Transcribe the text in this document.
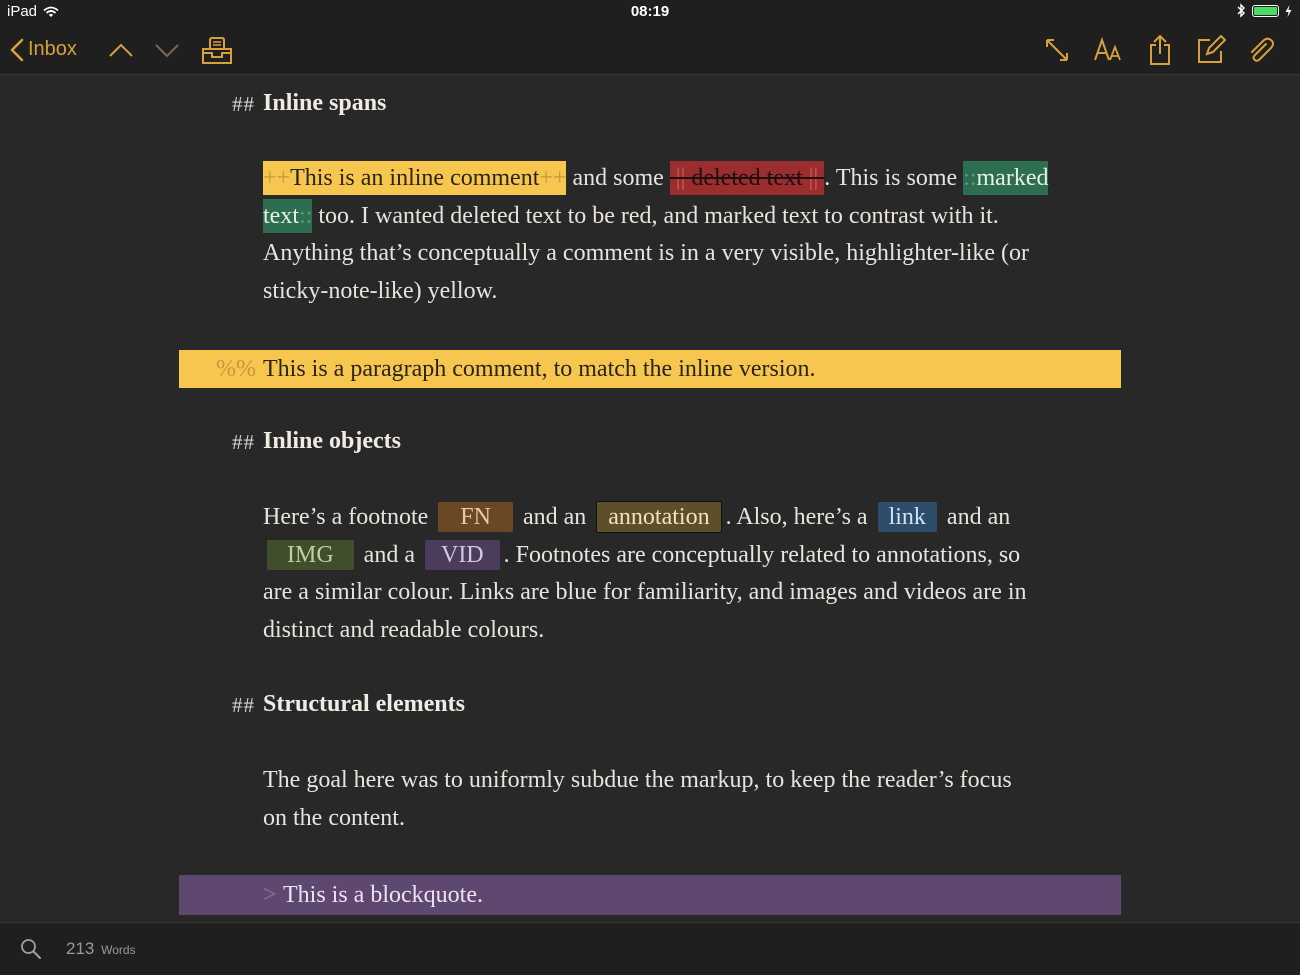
iPad	08:19
Inbox
## Inline spans
++This is an inline comment++ and some  || deleted text || . This is some ::marked text:: too. I wanted deleted text to be red, and marked text to contrast with it. Anything that’s conceptually a comment is in a very visible, highlighter-like (or sticky-note-like) yellow.
%% This is a paragraph comment, to match the inline version.
## Inline objects
Here’s a footnote FN and an annotation . Also, here’s a link and an IMG and a VID . Footnotes are conceptually related to annotations, so are a similar colour. Links are blue for familiarity, and images and videos are in distinct and readable colours.
## Structural elements
The goal here was to uniformly subdue the markup, to keep the reader’s focus on the content.
> This is a blockquote.
213 Words
